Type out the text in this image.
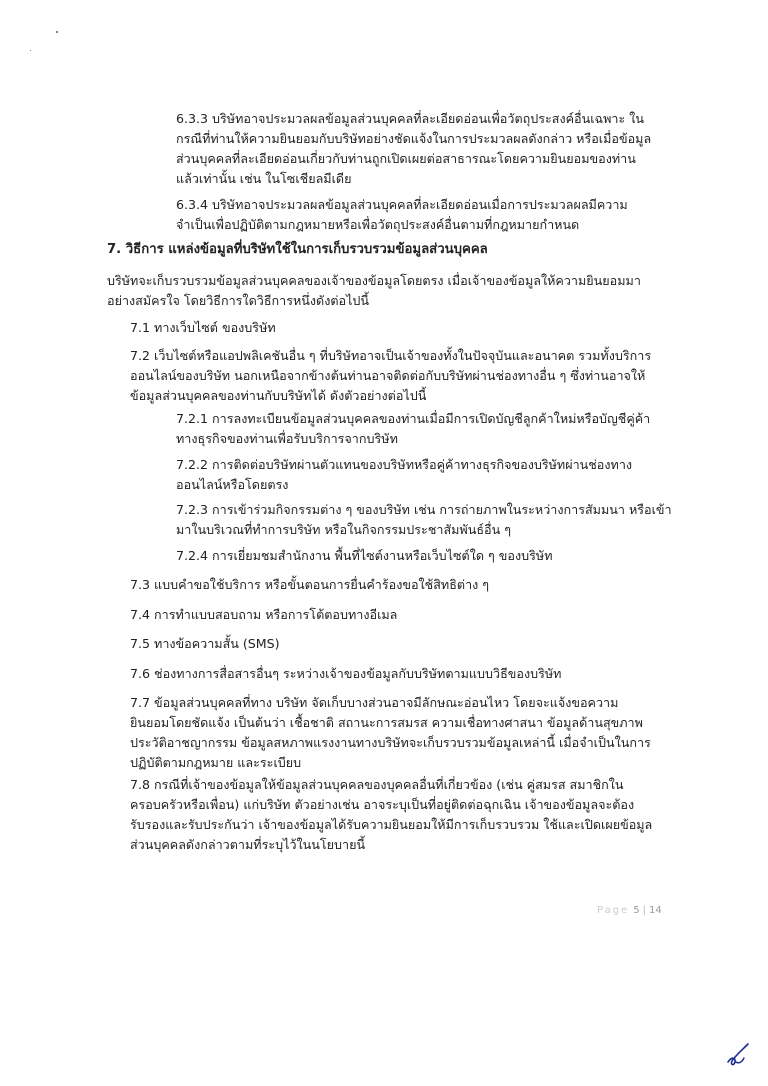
6.3.3 บริษัทอาจประมวลผลข้อมูลส่วนบุคคลที่ละเอียดอ่อนเพื่อวัตถุประสงค์อื่นเฉพาะ ใน
กรณีที่ท่านให้ความยินยอมกับบริษัทอย่างชัดแจ้งในการประมวลผลดังกล่าว หรือเมื่อข้อมูล
ส่วนบุคคลที่ละเอียดอ่อนเกี่ยวกับท่านถูกเปิดเผยต่อสาธารณะโดยความยินยอมของท่าน
แล้วเท่านั้น เช่น ในโซเชียลมีเดีย
6.3.4 บริษัทอาจประมวลผลข้อมูลส่วนบุคคลที่ละเอียดอ่อนเมื่อการประมวลผลมีความ
จำเป็นเพื่อปฏิบัติตามกฎหมายหรือเพื่อวัตถุประสงค์อื่นตามที่กฎหมายกำหนด
7. วิธีการ แหล่งข้อมูลที่บริษัทใช้ในการเก็บรวบรวมข้อมูลส่วนบุคคล
บริษัทจะเก็บรวบรวมข้อมูลส่วนบุคคลของเจ้าของข้อมูลโดยตรง เมื่อเจ้าของข้อมูลให้ความยินยอมมา
อย่างสมัครใจ โดยวิธีการใดวิธีการหนึ่งดังต่อไปนี้
7.1 ทางเว็บไซต์ ของบริษัท
7.2 เว็บไซต์หรือแอปพลิเคชันอื่น ๆ ที่บริษัทอาจเป็นเจ้าของทั้งในปัจจุบันและอนาคต รวมทั้งบริการ
ออนไลน์ของบริษัท นอกเหนือจากข้างต้นท่านอาจติดต่อกับบริษัทผ่านช่องทางอื่น ๆ ซึ่งท่านอาจให้
ข้อมูลส่วนบุคคลของท่านกับบริษัทได้ ดังตัวอย่างต่อไปนี้
7.2.1 การลงทะเบียนข้อมูลส่วนบุคคลของท่านเมื่อมีการเปิดบัญชีลูกค้าใหม่หรือบัญชีคู่ค้า
ทางธุรกิจของท่านเพื่อรับบริการจากบริษัท
7.2.2 การติดต่อบริษัทผ่านตัวแทนของบริษัทหรือคู่ค้าทางธุรกิจของบริษัทผ่านช่องทาง
ออนไลน์หรือโดยตรง
7.2.3 การเข้าร่วมกิจกรรมต่าง ๆ ของบริษัท เช่น การถ่ายภาพในระหว่างการสัมมนา หรือเข้า
มาในบริเวณที่ทำการบริษัท หรือในกิจกรรมประชาสัมพันธ์อื่น ๆ
7.2.4 การเยี่ยมชมสำนักงาน พื้นที่ไซต์งานหรือเว็บไซต์ใด ๆ ของบริษัท
7.3 แบบคำขอใช้บริการ หรือขั้นตอนการยื่นคำร้องขอใช้สิทธิต่าง ๆ
7.4 การทำแบบสอบถาม หรือการโต้ตอบทางอีเมล
7.5 ทางข้อความสั้น (SMS)
7.6 ช่องทางการสื่อสารอื่นๆ ระหว่างเจ้าของข้อมูลกับบริษัทตามแบบวิธีของบริษัท
7.7 ข้อมูลส่วนบุคคลที่ทาง บริษัท จัดเก็บบางส่วนอาจมีลักษณะอ่อนไหว โดยจะแจ้งขอความ
ยินยอมโดยชัดแจ้ง เป็นต้นว่า เชื้อชาติ สถานะการสมรส ความเชื่อทางศาสนา ข้อมูลด้านสุขภาพ
ประวัติอาชญากรรม ข้อมูลสหภาพแรงงานทางบริษัทจะเก็บรวบรวมข้อมูลเหล่านี้ เมื่อจำเป็นในการ
ปฏิบัติตามกฎหมาย และระเบียบ
7.8 กรณีที่เจ้าของข้อมูลให้ข้อมูลส่วนบุคคลของบุคคลอื่นที่เกี่ยวข้อง (เช่น คู่สมรส สมาชิกใน
ครอบครัวหรือเพื่อน) แก่บริษัท ตัวอย่างเช่น อาจระบุเป็นที่อยู่ติดต่อฉุกเฉิน เจ้าของข้อมูลจะต้อง
รับรองและรับประกันว่า เจ้าของข้อมูลได้รับความยินยอมให้มีการเก็บรวบรวม ใช้และเปิดเผยข้อมูล
ส่วนบุคคลดังกล่าวตามที่ระบุไว้ในนโยบายนี้
Page 5 | 14
